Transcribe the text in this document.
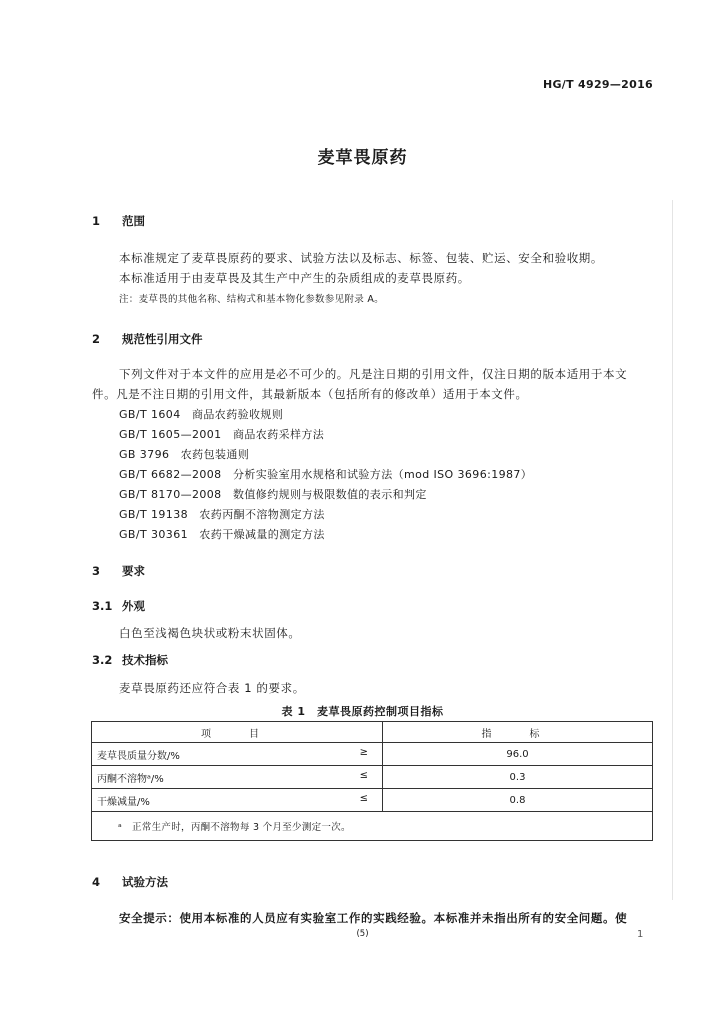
HG/T 4929—2016
麦草畏原药
1 范围
本标准规定了麦草畏原药的要求、试验方法以及标志、标签、包装、贮运、安全和验收期。
本标准适用于由麦草畏及其生产中产生的杂质组成的麦草畏原药。
注：麦草畏的其他名称、结构式和基本物化参数参见附录 A。
2 规范性引用文件
下列文件对于本文件的应用是必不可少的。凡是注日期的引用文件，仅注日期的版本适用于本文
件。凡是不注日期的引用文件，其最新版本（包括所有的修改单）适用于本文件。
GB/T 1604　 商品农药验收规则
GB/T 1605—2001　 商品农药采样方法
GB 3796　 农药包装通则
GB/T 6682—2008　 分析实验室用水规格和试验方法（mod ISO 3696:1987）
GB/T 8170—2008　 数值修约规则与极限数值的表示和判定
GB/T 19138　 农药丙酮不溶物测定方法
GB/T 30361　 农药干燥减量的测定方法
3 要求
3.1 外观
白色至浅褐色块状或粉末状固体。
3.2 技术指标
麦草畏原药还应符合表 1 的要求。
表 1　麦草畏原药控制项目指标
项　目	指　标
麦草畏质量分数/% ≥	96.0
丙酮不溶物ᵃ/% ≤	0.3
干燥减量/% ≤	0.8
ᵃ 正常生产时，丙酮不溶物每 3 个月至少测定一次。	
4 试验方法
安全提示：使用本标准的人员应有实验室工作的实践经验。本标准并未指出所有的安全问题。使
(5)	1
